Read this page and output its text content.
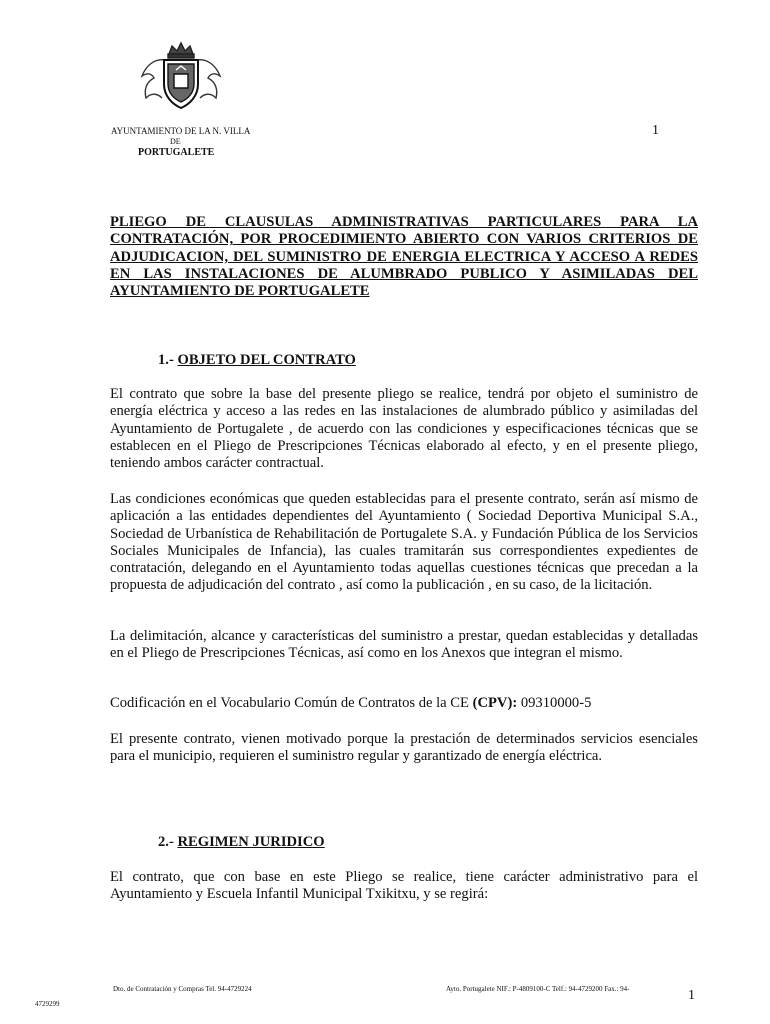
AYUNTAMIENTO DE LA N. VILLA
DE
PORTUGALETE
1

PLIEGO DE CLAUSULAS ADMINISTRATIVAS PARTICULARES PARA LA CONTRATACIÓN, POR PROCEDIMIENTO ABIERTO CON VARIOS CRITERIOS DE ADJUDICACION, DEL SUMINISTRO DE ENERGIA ELECTRICA Y ACCESO A REDES EN LAS INSTALACIONES DE ALUMBRADO PUBLICO Y ASIMILADAS DEL AYUNTAMIENTO DE PORTUGALETE

1.- OBJETO DEL CONTRATO

El contrato que sobre la base del presente pliego se realice, tendrá por objeto el suministro de energía eléctrica y acceso a las redes en las instalaciones de alumbrado público y asimiladas del Ayuntamiento de Portugalete , de acuerdo con las condiciones y especificaciones técnicas que se establecen en el Pliego de Prescripciones Técnicas elaborado al efecto, y en el presente pliego, teniendo ambos carácter contractual.

Las condiciones económicas que queden establecidas para el presente contrato, serán así mismo de aplicación a las entidades dependientes del Ayuntamiento ( Sociedad Deportiva Municipal S.A., Sociedad de Urbanística de Rehabilitación de Portugalete S.A. y Fundación Pública de los Servicios Sociales Municipales de Infancia), las cuales tramitarán sus correspondientes expedientes de contratación, delegando en el Ayuntamiento todas aquellas cuestiones técnicas que precedan a la propuesta de adjudicación del contrato , así como la publicación , en su caso, de la licitación.

La delimitación, alcance y características del suministro a prestar, quedan establecidas y detalladas en el Pliego de Prescripciones Técnicas, así como en los Anexos que integran el mismo.

Codificación en el Vocabulario Común de Contratos de la CE (CPV): 09310000-5

El presente contrato, vienen motivado porque la prestación de determinados servicios esenciales para el municipio, requieren el suministro regular y garantizado de energía eléctrica.

2.- REGIMEN JURIDICO

El contrato, que con base en este Pliego se realice, tiene carácter administrativo para el Ayuntamiento y Escuela Infantil Municipal Txikitxu, y se regirá:

Dto. de Contratación y Compras Tel. 94-4729224	Ayto. Portugalete NIF.: P-4809100-C Telf.: 94-4729200 Fax.: 94-	1
4729299
